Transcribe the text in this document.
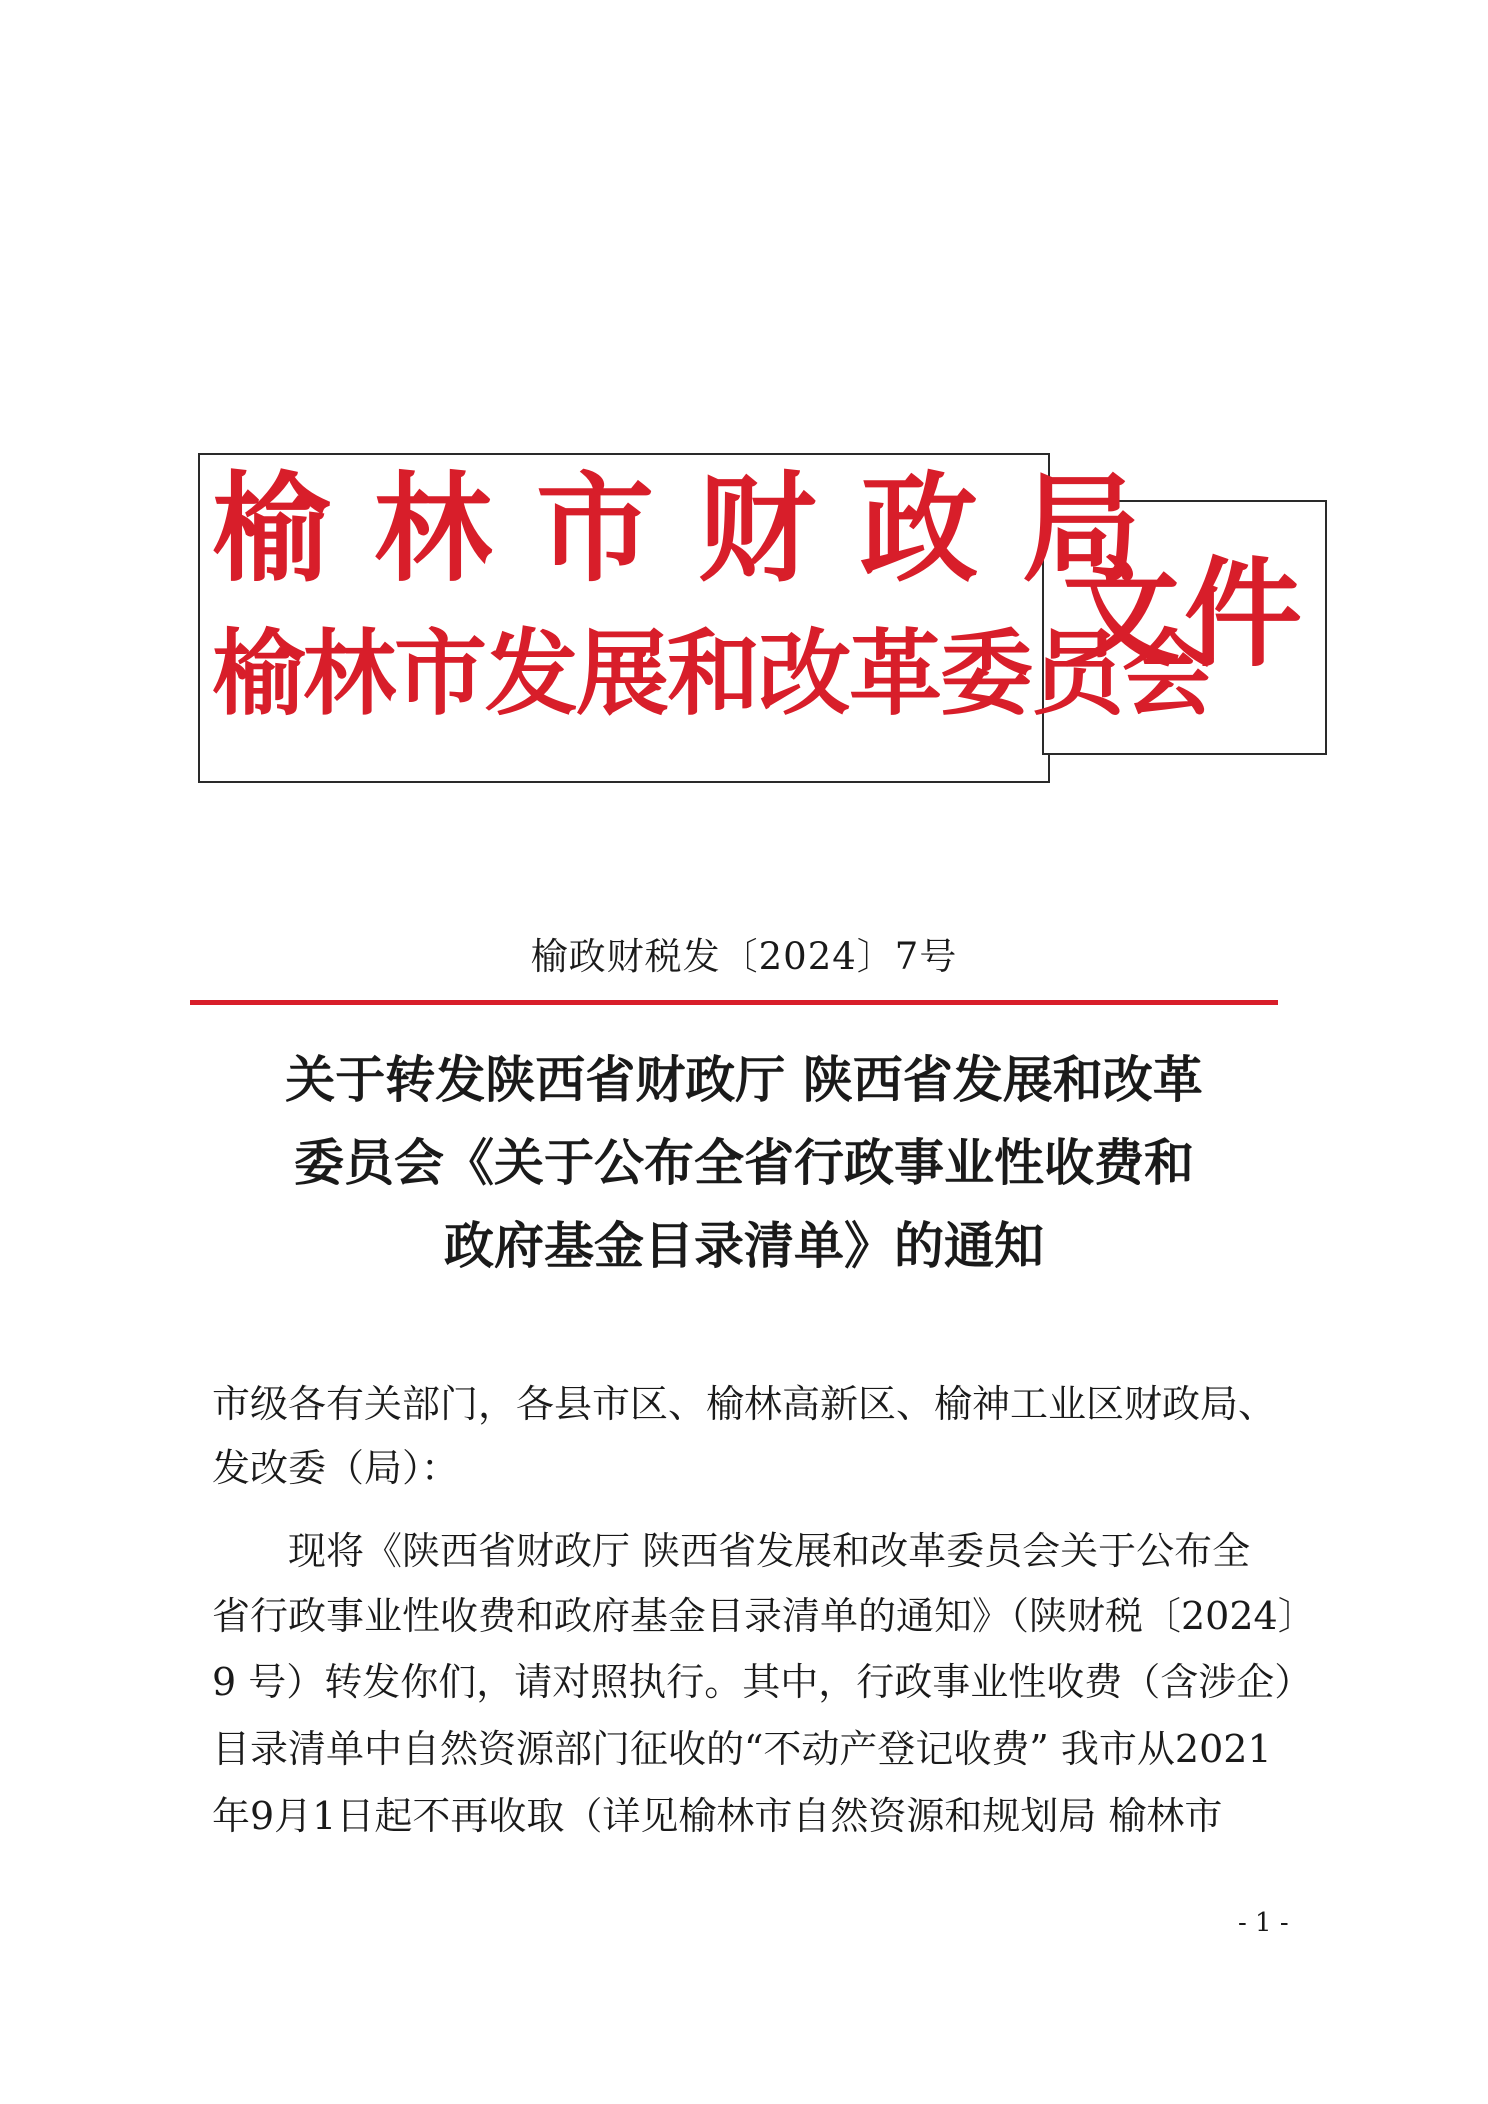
榆林市财政局
榆林市发展和改革委员会
文件
榆政财税发〔2024〕7号
关于转发陕西省财政厅 陕西省发展和改革
委员会《关于公布全省行政事业性收费和
政府基金目录清单》的通知
市级各有关部门，各县市区、榆林高新区、榆神工业区财政局、
发改委（局）：
　　现将《陕西省财政厅 陕西省发展和改革委员会关于公布全
省行政事业性收费和政府基金目录清单的通知》（陕财税〔2024〕
9 号）转发你们，请对照执行。其中，行政事业性收费（含涉企）
目录清单中自然资源部门征收的“不动产登记收费” 我市从2021
年9月1日起不再收取（详见榆林市自然资源和规划局 榆林市
- 1 -
